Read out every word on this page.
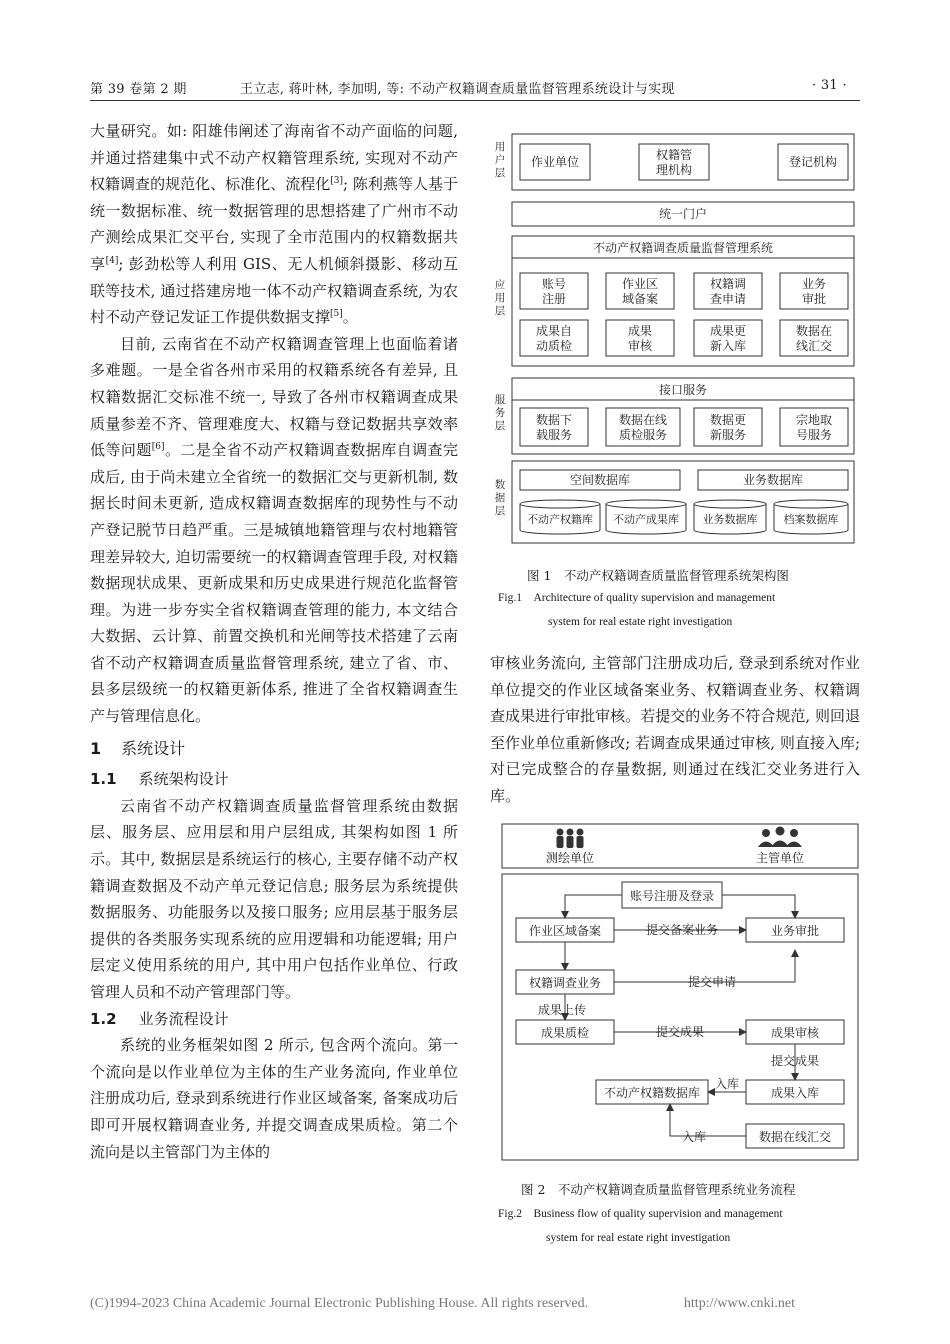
第 39 卷第 2 期	王立志, 蒋叶林, 李加明, 等: 不动产权籍调查质量监督管理系统设计与实现	· 31 ·

大量研究。如: 阳雄伟阐述了海南省不动产面临的问题, 并通过搭建集中式不动产权籍管理系统, 实现对不动产权籍调查的规范化、标准化、流程化[3]; 陈利燕等人基于统一数据标准、统一数据管理的思想搭建了广州市不动产测绘成果汇交平台, 实现了全市范围内的权籍数据共享[4]; 彭劲松等人利用 GIS、无人机倾斜摄影、移动互联等技术, 通过搭建房地一体不动产权籍调查系统, 为农村不动产登记发证工作提供数据支撑[5]。

目前, 云南省在不动产权籍调查管理上也面临着诸多难题。一是全省各州市采用的权籍系统各有差异, 且权籍数据汇交标准不统一, 导致了各州市权籍调查成果质量参差不齐、管理难度大、权籍与登记数据共享效率低等问题[6]。二是全省不动产权籍调查数据库自调查完成后, 由于尚未建立全省统一的数据汇交与更新机制, 数据长时间未更新, 造成权籍调查数据库的现势性与不动产登记脱节日趋严重。三是城镇地籍管理与农村地籍管理差异较大, 迫切需要统一的权籍调查管理手段, 对权籍数据现状成果、更新成果和历史成果进行规范化监督管理。为进一步夯实全省权籍调查管理的能力, 本文结合大数据、云计算、前置交换机和光闸等技术搭建了云南省不动产权籍调查质量监督管理系统, 建立了省、市、县多层级统一的权籍更新体系, 推进了全省权籍调查生产与管理信息化。

1 系统设计

1.1 系统架构设计

云南省不动产权籍调查质量监督管理系统由数据层、服务层、应用层和用户层组成, 其架构如图 1 所示。其中, 数据层是系统运行的核心, 主要存储不动产权籍调查数据及不动产单元登记信息; 服务层为系统提供数据服务、功能服务以及接口服务; 应用层基于服务层提供的各类服务实现系统的应用逻辑和功能逻辑; 用户层定义使用系统的用户, 其中用户包括作业单位、行政管理人员和不动产管理部门等。

1.2 业务流程设计

系统的业务框架如图 2 所示, 包含两个流向。第一个流向是以作业单位为主体的生产业务流向, 作业单位注册成功后, 登录到系统进行作业区域备案, 备案成功后即可开展权籍调查业务, 并提交调查成果质检。第二个流向是以主管部门为主体的

用
户
层
应
用
层
服
务
层
数
据
层
作业单位	权籍管
理机构
登记机构
统一门户
不动产权籍调查质量监督管理系统
账号
注册
作业区
域备案
权籍调
查申请
业务
审批
成果自
动质检
成果
审核
成果更
新入库
数据在
线汇交
接口服务
数据下
载服务
数据在线
质检服务
数据更
新服务
宗地取
号服务
空间数据库	业务数据库
不动产权籍库 不动产成果库 业务数据库 档案数据库
图 1　不动产权籍调查质量监督管理系统架构图
Fig.1　Architecture of quality supervision and management
system for real estate right investigation

审核业务流向, 主管部门注册成功后, 登录到系统对作业单位提交的作业区域备案业务、权籍调查业务、权籍调查成果进行审批审核。若提交的业务不符合规范, 则回退至作业单位重新修改; 若调查成果通过审核, 则直接入库; 对已完成整合的存量数据, 则通过在线汇交业务进行入库。

测绘单位	主管单位
账号注册及登录
作业区域备案	提交备案业务	业务审批
权籍调查业务	提交申请
成果上传
成果质检	提交成果	成果审核
提交成果
不动产权籍数据库
入库
成果入库
入库	数据在线汇交
图 2　不动产权籍调查质量监督管理系统业务流程
Fig.2　Business flow of quality supervision and management
system for real estate right investigation
(C)1994-2023 China Academic Journal Electronic Publishing House. All rights reserved.	http://www.cnki.net
